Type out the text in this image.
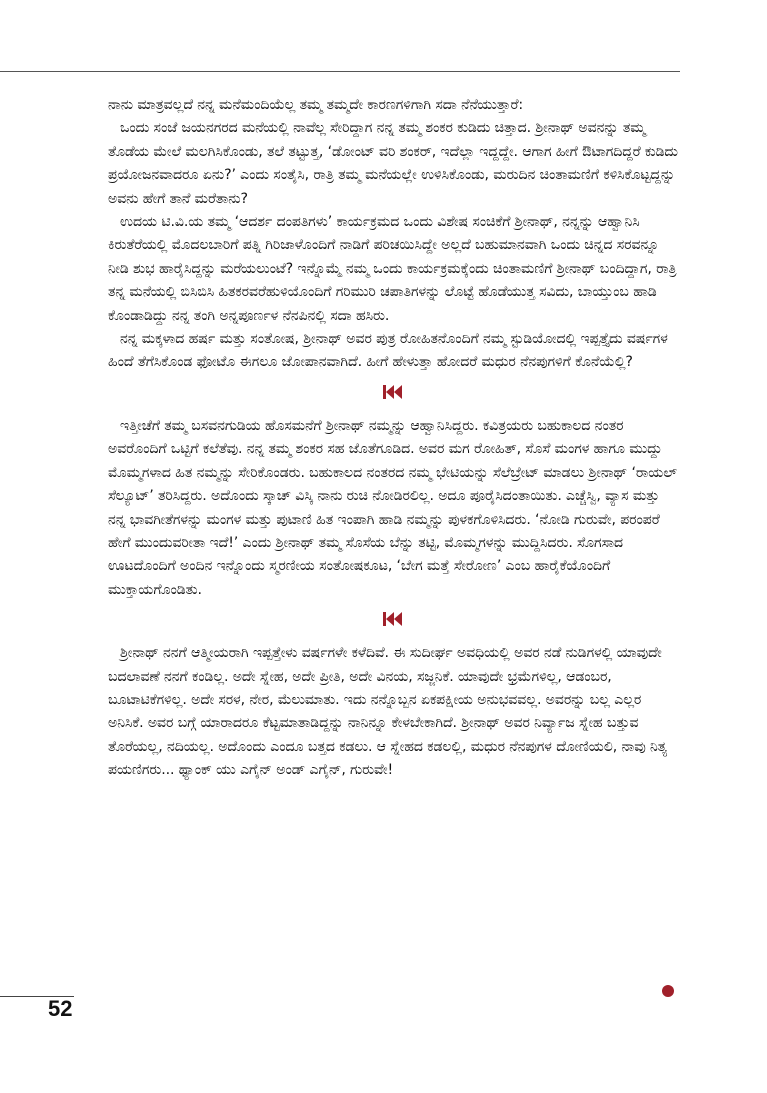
ನಾನು ಮಾತ್ರವಲ್ಲದೆ ನನ್ನ ಮನೆಮಂದಿಯೆಲ್ಲ ತಮ್ಮ ತಮ್ಮದೇ ಕಾರಣಗಳಿಗಾಗಿ ಸದಾ ನೆನೆಯುತ್ತಾರೆ:

ಒಂದು ಸಂಜೆ ಜಯನಗರದ ಮನೆಯಲ್ಲಿ ನಾವೆಲ್ಲ ಸೇರಿದ್ದಾಗ ನನ್ನ ತಮ್ಮ ಶಂಕರ ಕುಡಿದು ಚಿತ್ತಾದ. ಶ್ರೀನಾಥ್ ಅವನನ್ನು ತಮ್ಮ ತೊಡೆಯ ಮೇಲೆ ಮಲಗಿಸಿಕೊಂಡು, ತಲೆ ತಟ್ಟುತ್ತ, ‘ಡೋಂಟ್ ವರಿ ಶಂಕರ್, ಇದೆಲ್ಲಾ ಇದ್ದದ್ದೇ. ಆಗಾಗ ಹೀಗೆ ಔಟಾಗದಿದ್ದರೆ ಕುಡಿದು ಪ್ರಯೋಜನವಾದರೂ ಏನು?’ ಎಂದು ಸಂತೈಸಿ, ರಾತ್ರಿ ತಮ್ಮ ಮನೆಯಲ್ಲೇ ಉಳಿಸಿಕೊಂಡು, ಮರುದಿನ ಚಿಂತಾಮಣಿಗೆ ಕಳಿಸಿಕೊಟ್ಟದ್ದನ್ನು ಅವನು ಹೇಗೆ ತಾನೆ ಮರೆತಾನು?

ಉದಯ ಟಿ.ವಿ.ಯ ತಮ್ಮ ‘ಆದರ್ಶ ದಂಪತಿಗಳು’ ಕಾರ್ಯಕ್ರಮದ ಒಂದು ವಿಶೇಷ ಸಂಚಿಕೆಗೆ ಶ್ರೀನಾಥ್, ನನ್ನನ್ನು ಆಹ್ವಾನಿಸಿ ಕಿರುತೆರೆಯಲ್ಲಿ ಮೊದಲಬಾರಿಗೆ ಪತ್ನಿ ಗಿರಿಜಾಳೊಂದಿಗೆ ನಾಡಿಗೆ ಪರಿಚಯಿಸಿದ್ದೇ ಅಲ್ಲದೆ ಬಹುಮಾನವಾಗಿ ಒಂದು ಚಿನ್ನದ ಸರವನ್ನೂ ನೀಡಿ ಶುಭ ಹಾರೈಸಿದ್ದನ್ನು ಮರೆಯಲುಂಟೆ? ಇನ್ನೊಮ್ಮೆ ನಮ್ಮ ಒಂದು ಕಾರ್ಯಕ್ರಮಕ್ಕೆಂದು ಚಿಂತಾಮಣಿಗೆ ಶ್ರೀನಾಥ್ ಬಂದಿದ್ದಾಗ, ರಾತ್ರಿ ತನ್ನ ಮನೆಯಲ್ಲಿ ಬಿಸಿಬಿಸಿ ಹಿತಕರವರೆಹುಳಿಯೊಂದಿಗೆ ಗರಿಮುರಿ ಚಪಾತಿಗಳನ್ನು ಲೊಟ್ಟೆ ಹೊಡೆಯುತ್ತ ಸವಿದು, ಬಾಯ್ತುಂಬ ಹಾಡಿ ಕೊಂಡಾಡಿದ್ದು ನನ್ನ ತಂಗಿ ಅನ್ನಪೂರ್ಣಳ ನೆನಪಿನಲ್ಲಿ ಸದಾ ಹಸಿರು.

ನನ್ನ ಮಕ್ಕಳಾದ ಹರ್ಷ ಮತ್ತು ಸಂತೋಷ, ಶ್ರೀನಾಥ್ ಅವರ ಪುತ್ರ ರೋಹಿತನೊಂದಿಗೆ ನಮ್ಮ ಸ್ಟುಡಿಯೋದಲ್ಲಿ ಇಪ್ಪತ್ತೈದು ವರ್ಷಗಳ ಹಿಂದೆ ತೆಗೆಸಿಕೊಂಡ ಫೋಟೊ ಈಗಲೂ ಜೋಪಾನವಾಗಿದೆ. ಹೀಗೆ ಹೇಳುತ್ತಾ ಹೋದರೆ ಮಧುರ ನೆನಪುಗಳಿಗೆ ಕೊನೆಯೆಲ್ಲಿ?

ಇತ್ತೀಚೆಗೆ ತಮ್ಮ ಬಸವನಗುಡಿಯ ಹೊಸಮನೆಗೆ ಶ್ರೀನಾಥ್ ನಮ್ಮನ್ನು ಆಹ್ವಾನಿಸಿದ್ದರು. ಕವಿತ್ರಯರು ಬಹುಕಾಲದ ನಂತರ ಅವರೊಂದಿಗೆ ಒಟ್ಟಿಗೆ ಕಲೆತೆವು. ನನ್ನ ತಮ್ಮ ಶಂಕರ ಸಹ ಜೊತೆಗೂಡಿದ. ಅವರ ಮಗ ರೋಹಿತ್, ಸೊಸೆ ಮಂಗಳ ಹಾಗೂ ಮುದ್ದು ಮೊಮ್ಮಗಳಾದ ಹಿತ ನಮ್ಮನ್ನು ಸೇರಿಕೊಂಡರು. ಬಹುಕಾಲದ ನಂತರದ ನಮ್ಮ ಭೇಟಿಯನ್ನು ಸೆಲೆಬ್ರೇಟ್ ಮಾಡಲು ಶ್ರೀನಾಥ್ ‘ರಾಯಲ್ ಸೆಲ್ಯೂಟ್’ ತರಿಸಿದ್ದರು. ಅದೊಂದು ಸ್ಕಾಚ್ ವಿಸ್ಕಿ ನಾನು ರುಚಿ ನೋಡಿರಲಿಲ್ಲ. ಅದೂ ಪೂರೈಸಿದಂತಾಯಿತು. ಎಚ್ಚೆಸ್ವಿ, ವ್ಯಾಸ ಮತ್ತು ನನ್ನ ಭಾವಗೀತೆಗಳನ್ನು ಮಂಗಳ ಮತ್ತು ಪುಟಾಣಿ ಹಿತ ಇಂಪಾಗಿ ಹಾಡಿ ನಮ್ಮನ್ನು ಪುಳಕಗೊಳಿಸಿದರು. ‘ನೋಡಿ ಗುರುವೇ, ಪರಂಪರೆ ಹೇಗೆ ಮುಂದುವರೀತಾ ಇದೆ!’ ಎಂದು ಶ್ರೀನಾಥ್ ತಮ್ಮ ಸೊಸೆಯ ಬೆನ್ನು ತಟ್ಟಿ, ಮೊಮ್ಮಗಳನ್ನು ಮುದ್ದಿಸಿದರು. ಸೊಗಸಾದ ಊಟದೊಂದಿಗೆ ಅಂದಿನ ಇನ್ನೊಂದು ಸ್ಮರಣೀಯ ಸಂತೋಷಕೂಟ, ‘ಬೇಗ ಮತ್ತೆ ಸೇರೋಣ’ ಎಂಬ ಹಾರೈಕೆಯೊಂದಿಗೆ ಮುಕ್ತಾಯಗೊಂಡಿತು.

ಶ್ರೀನಾಥ್ ನನಗೆ ಆತ್ಮೀಯರಾಗಿ ಇಪ್ಪತ್ತೇಳು ವರ್ಷಗಳೇ ಕಳೆದಿವೆ. ಈ ಸುದೀರ್ಘ ಅವಧಿಯಲ್ಲಿ ಅವರ ನಡೆ ನುಡಿಗಳಲ್ಲಿ ಯಾವುದೇ ಬದಲಾವಣೆ ನನಗೆ ಕಂಡಿಲ್ಲ. ಅದೇ ಸ್ನೇಹ, ಅದೇ ಪ್ರೀತಿ, ಅದೇ ವಿನಯ, ಸಜ್ಜನಿಕೆ. ಯಾವುದೇ ಭ್ರಮೆಗಳಿಲ್ಲ, ಆಡಂಬರ, ಬೂಟಾಟಿಕೆಗಳಿಲ್ಲ. ಅದೇ ಸರಳ, ನೇರ, ಮೆಲುಮಾತು. ಇದು ನನ್ನೊಬ್ಬನ ಏಕಪಕ್ಷೀಯ ಅನುಭವವಲ್ಲ. ಅವರನ್ನು ಬಲ್ಲ ಎಲ್ಲರ ಅನಿಸಿಕೆ. ಅವರ ಬಗ್ಗೆ ಯಾರಾದರೂ ಕೆಟ್ಟಮಾತಾಡಿದ್ದನ್ನು ನಾನಿನ್ನೂ ಕೇಳಬೇಕಾಗಿದೆ. ಶ್ರೀನಾಥ್ ಅವರ ನಿರ್ವ್ಯಾಜ ಸ್ನೇಹ ಬತ್ತುವ ತೊರೆಯಲ್ಲ, ನದಿಯಲ್ಲ. ಅದೊಂದು ಎಂದೂ ಬತ್ತದ ಕಡಲು. ಆ ಸ್ನೇಹದ ಕಡಲಲ್ಲಿ, ಮಧುರ ನೆನಪುಗಳ ದೋಣಿಯಲಿ, ನಾವು ನಿತ್ಯ ಪಯಣಿಗರು... ಥ್ಯಾಂಕ್ ಯು ಎಗೈನ್ ಅಂಡ್ ಎಗೈನ್, ಗುರುವೇ!

52
